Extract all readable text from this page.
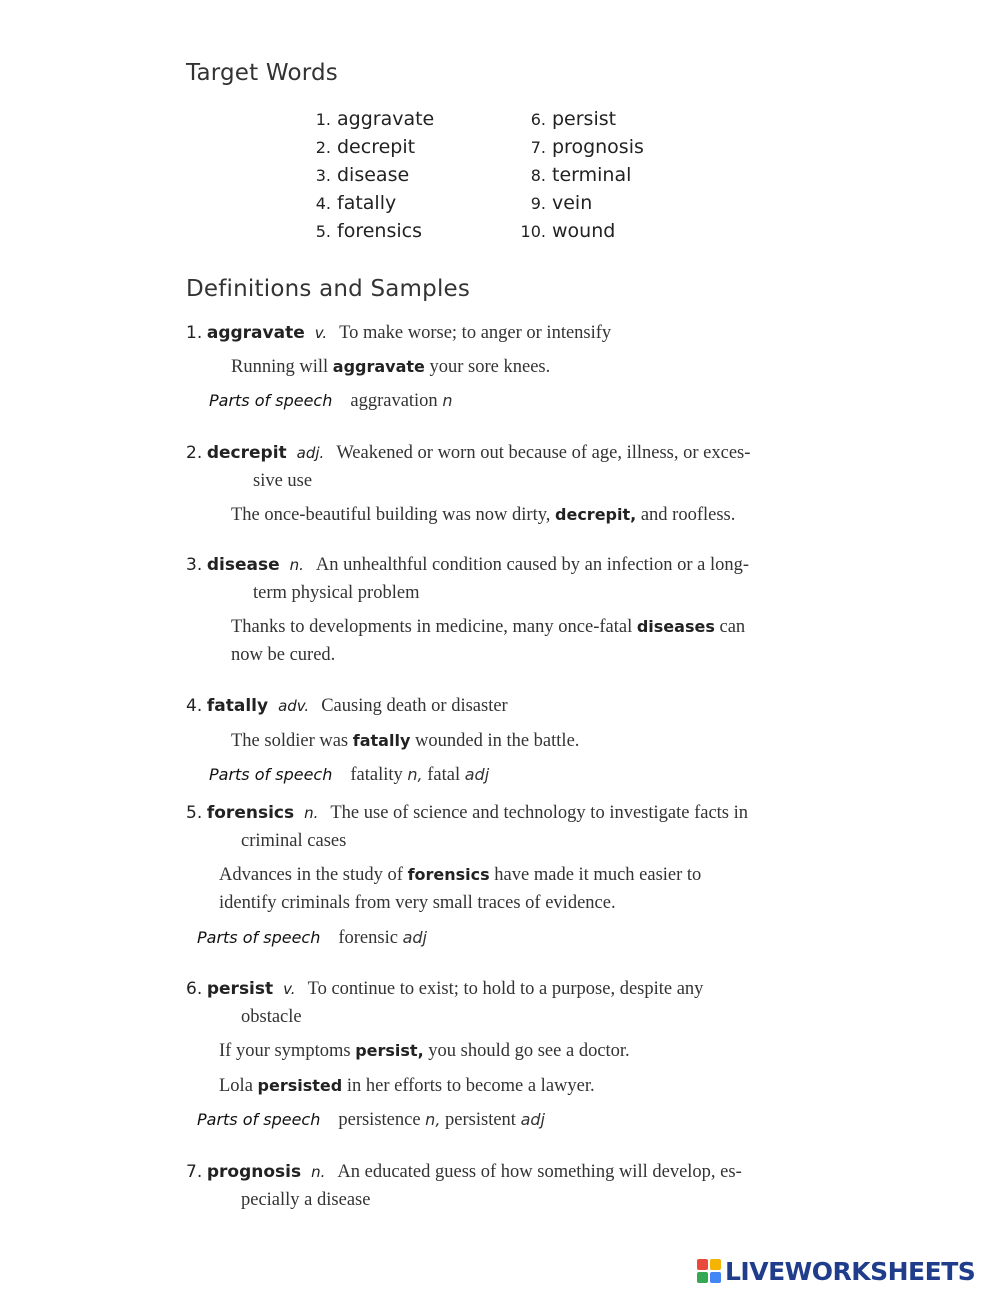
Target Words
1. aggravate
2. decrepit
3. disease
4. fatally
5. forensics
6. persist
7. prognosis
8. terminal
9. vein
10. wound
Definitions and Samples
1. aggravate v. To make worse; to anger or intensify
Running will aggravate your sore knees.
Parts of speech aggravation n
2. decrepit adj. Weakened or worn out because of age, illness, or exces-
sive use
The once-beautiful building was now dirty, decrepit, and roofless.
3. disease n. An unhealthful condition caused by an infection or a long-
term physical problem
Thanks to developments in medicine, many once-fatal diseases can
now be cured.
4. fatally adv. Causing death or disaster
The soldier was fatally wounded in the battle.
Parts of speech fatality n, fatal adj
5. forensics n. The use of science and technology to investigate facts in
criminal cases
Advances in the study of forensics have made it much easier to
identify criminals from very small traces of evidence.
Parts of speech forensic adj
6. persist v. To continue to exist; to hold to a purpose, despite any
obstacle
If your symptoms persist, you should go see a doctor.
Lola persisted in her efforts to become a lawyer.
Parts of speech persistence n, persistent adj
7. prognosis n. An educated guess of how something will develop, es-
pecially a disease
LIVEWORKSHEETS
